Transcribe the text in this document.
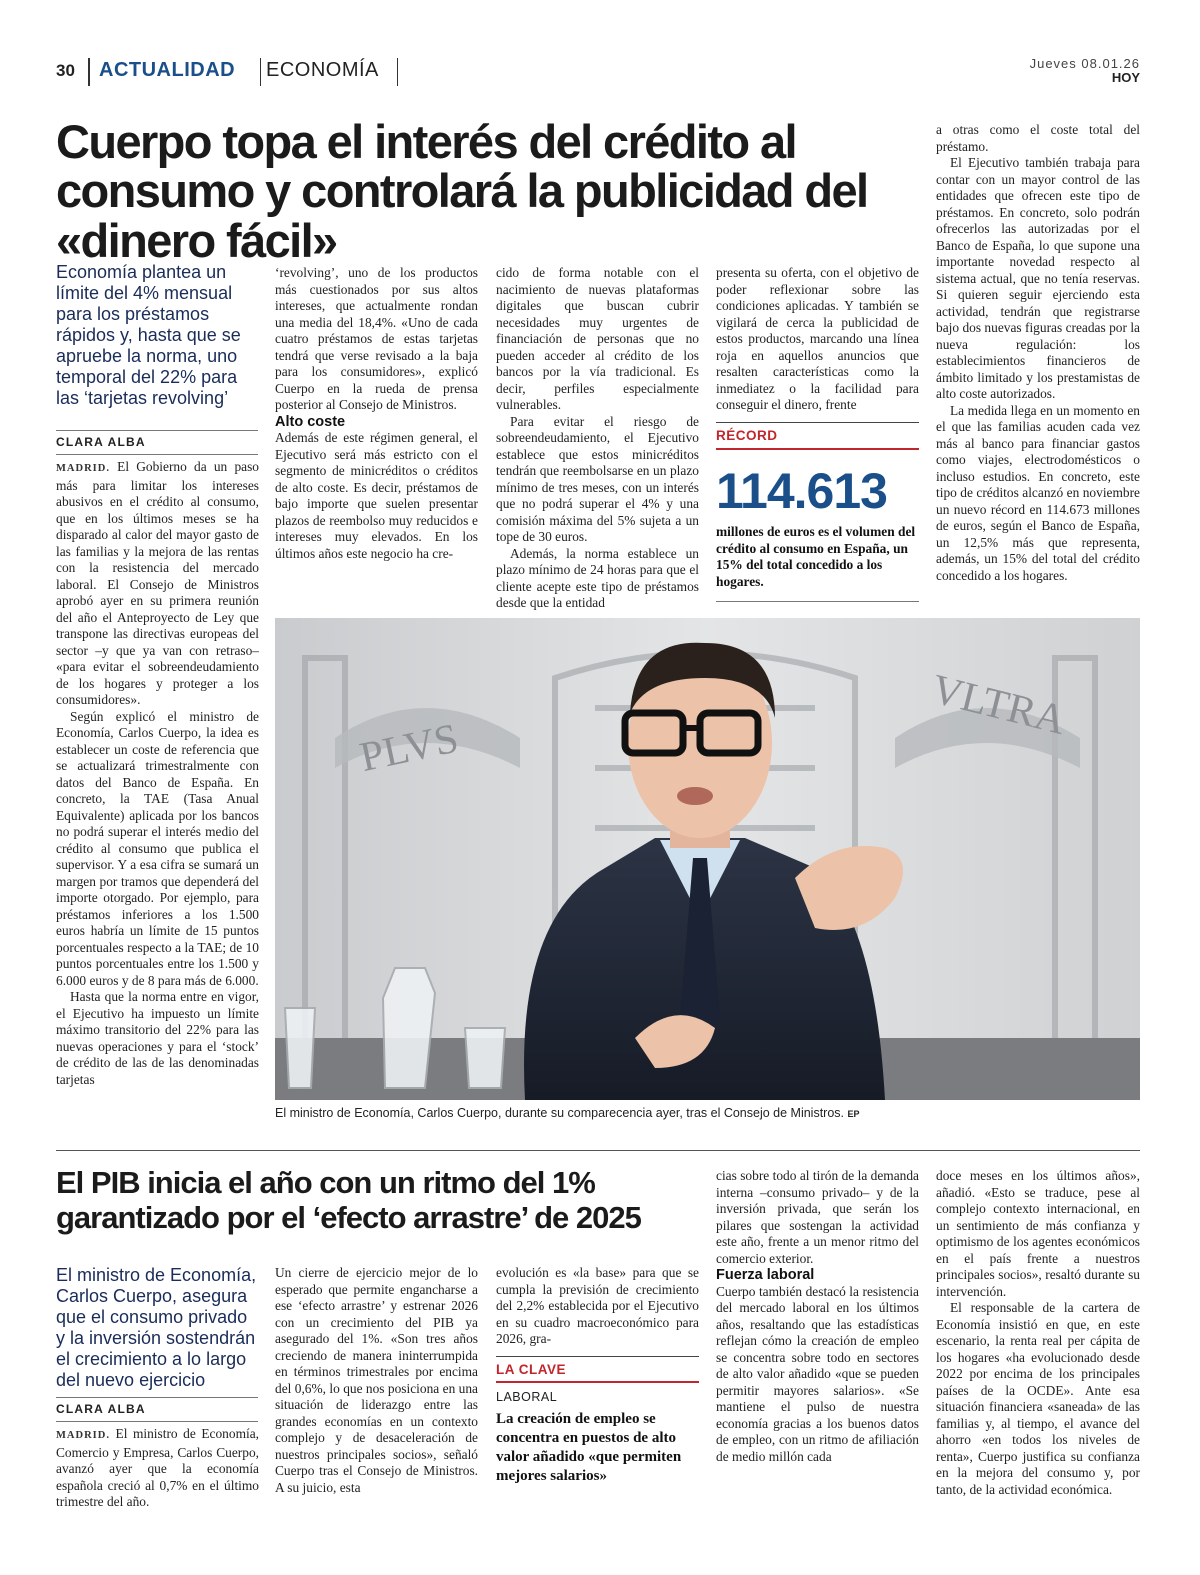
30 ACTUALIDAD ECONOMÍA	Jueves 08.01.26
HOY
Cuerpo topa el interés del crédito al consumo y controlará la publicidad del «dinero fácil»

Economía plantea un límite del 4% mensual para los préstamos rápidos y, hasta que se apruebe la norma, uno temporal del 22% para las ‘tarjetas revolving’

CLARA ALBA

MADRID. El Gobierno da un paso más para limitar los intereses abusivos en el crédito al consumo, que en los últimos meses se ha disparado al calor del mayor gasto de las familias y la mejora de las rentas con la resistencia del mercado laboral. El Consejo de Ministros aprobó ayer en su primera reunión del año el Anteproyecto de Ley que transpone las directivas europeas del sector –y que ya van con retraso– «para evitar el sobreendeudamiento de los hogares y proteger a los consumidores».

Según explicó el ministro de Economía, Carlos Cuerpo, la idea es establecer un coste de referencia que se actualizará trimestralmente con datos del Banco de España. En concreto, la TAE (Tasa Anual Equivalente) aplicada por los bancos no podrá superar el interés medio del crédito al consumo que publica el supervisor. Y a esa cifra se sumará un margen por tramos que dependerá del importe otorgado. Por ejemplo, para préstamos inferiores a los 1.500 euros habría un límite de 15 puntos porcentuales respecto a la TAE; de 10 puntos porcentuales entre los 1.500 y 6.000 euros y de 8 para más de 6.000.

Hasta que la norma entre en vigor, el Ejecutivo ha impuesto un límite máximo transitorio del 22% para las nuevas operaciones y para el ‘stock’ de crédito de las de las denominadas tarjetas

‘revolving’, uno de los productos más cuestionados por sus altos intereses, que actualmente rondan una media del 18,4%. «Uno de cada cuatro préstamos de estas tarjetas tendrá que verse revisado a la baja para los consumidores», explicó Cuerpo en la rueda de prensa posterior al Consejo de Ministros.

Alto coste

Además de este régimen general, el Ejecutivo será más estricto con el segmento de minicréditos o créditos de alto coste. Es decir, préstamos de bajo importe que suelen presentar plazos de reembolso muy reducidos e intereses muy elevados. En los últimos años este negocio ha cre-

cido de forma notable con el nacimiento de nuevas plataformas digitales que buscan cubrir necesidades muy urgentes de financiación de personas que no pueden acceder al crédito de los bancos por la vía tradicional. Es decir, perfiles especialmente vulnerables.

Para evitar el riesgo de sobreendeudamiento, el Ejecutivo establece que estos minicréditos tendrán que reembolsarse en un plazo mínimo de tres meses, con un interés que no podrá superar el 4% y una comisión máxima del 5% sujeta a un tope de 30 euros.

Además, la norma establece un plazo mínimo de 24 horas para que el cliente acepte este tipo de préstamos desde que la entidad

presenta su oferta, con el objetivo de poder reflexionar sobre las condiciones aplicadas. Y también se vigilará de cerca la publicidad de estos productos, marcando una línea roja en aquellos anuncios que resalten características como la inmediatez o la facilidad para conseguir el dinero, frente

RÉCORD
114.613
millones de euros es el volumen del crédito al consumo en España, un 15% del total concedido a los hogares.

a otras como el coste total del préstamo.

El Ejecutivo también trabaja para contar con un mayor control de las entidades que ofrecen este tipo de préstamos. En concreto, solo podrán ofrecerlos las autorizadas por el Banco de España, lo que supone una importante novedad respecto al sistema actual, que no tenía reservas. Si quieren seguir ejerciendo esta actividad, tendrán que registrarse bajo dos nuevas figuras creadas por la nueva regulación: los establecimientos financieros de ámbito limitado y los prestamistas de alto coste autorizados.

La medida llega en un momento en el que las familias acuden cada vez más al banco para financiar gastos como viajes, electrodomésticos o incluso estudios. En concreto, este tipo de créditos alcanzó en noviembre un nuevo récord en 114.673 millones de euros, según el Banco de España, un 12,5% más que representa, además, un 15% del total del crédito concedido a los hogares.

PLVS
VLTRA
El ministro de Economía, Carlos Cuerpo, durante su comparecencia ayer, tras el Consejo de Ministros. EP
El PIB inicia el año con un ritmo del 1% garantizado por el ‘efecto arrastre’ de 2025

El ministro de Economía, Carlos Cuerpo, asegura que el consumo privado y la inversión sostendrán el crecimiento a lo largo del nuevo ejercicio

CLARA ALBA

MADRID. El ministro de Economía, Comercio y Empresa, Carlos Cuerpo, avanzó ayer que la economía española creció al 0,7% en el último trimestre del año.

Un cierre de ejercicio mejor de lo esperado que permite engancharse a ese ‘efecto arrastre’ y estrenar 2026 con un crecimiento del PIB ya asegurado del 1%. «Son tres años creciendo de manera ininterrumpida en términos trimestrales por encima del 0,6%, lo que nos posiciona en una situación de liderazgo entre las grandes economías en un contexto complejo y de desaceleración de nuestros principales socios», señaló Cuerpo tras el Consejo de Ministros. A su juicio, esta

evolución es «la base» para que se cumpla la previsión de crecimiento del 2,2% establecida por el Ejecutivo en su cuadro macroeconómico para 2026, gra-

LA CLAVE
LABORAL
La creación de empleo se concentra en puestos de alto valor añadido «que permiten mejores salarios»

cias sobre todo al tirón de la demanda interna –consumo privado– y de la inversión privada, que serán los pilares que sostengan la actividad este año, frente a un menor ritmo del comercio exterior.

Fuerza laboral

Cuerpo también destacó la resistencia del mercado laboral en los últimos años, resaltando que las estadísticas reflejan cómo la creación de empleo se concentra sobre todo en sectores de alto valor añadido «que se pueden permitir mayores salarios». «Se mantiene el pulso de nuestra economía gracias a los buenos datos de empleo, con un ritmo de afiliación de medio millón cada

doce meses en los últimos años», añadió. «Esto se traduce, pese al complejo contexto internacional, en un sentimiento de más confianza y optimismo de los agentes económicos en el país frente a nuestros principales socios», resaltó durante su intervención.

El responsable de la cartera de Economía insistió en que, en este escenario, la renta real per cápita de los hogares «ha evolucionado desde 2022 por encima de los principales países de la OCDE». Ante esa situación financiera «saneada» de las familias y, al tiempo, el avance del ahorro «en todos los niveles de renta», Cuerpo justifica su confianza en la mejora del consumo y, por tanto, de la actividad económica.
